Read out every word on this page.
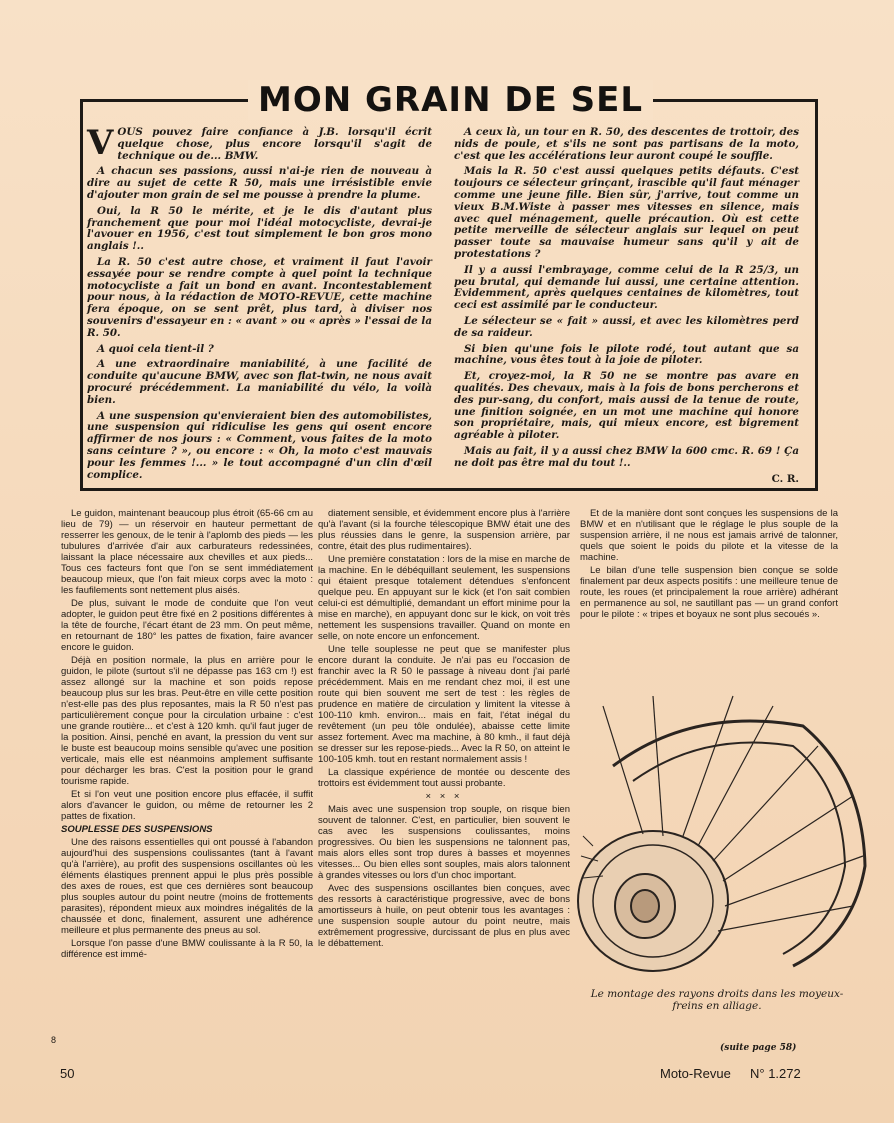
MON GRAIN DE SEL

VOUS pouvez faire confiance à J.B. lorsqu'il écrit quelque chose, plus encore lorsqu'il s'agit de technique ou de... BMW.

A chacun ses passions, aussi n'ai-je rien de nouveau à dire au sujet de cette R 50, mais une irrésistible envie d'ajouter mon grain de sel me pousse à prendre la plume.

Oui, la R 50 le mérite, et je le dis d'autant plus franchement que pour moi l'idéal motocycliste, devrai-je l'avouer en 1956, c'est tout simplement le bon gros mono anglais !..

La R. 50 c'est autre chose, et vraiment il faut l'avoir essayée pour se rendre compte à quel point la technique motocycliste a fait un bond en avant. Incontestablement pour nous, à la rédaction de MOTO-REVUE, cette machine fera époque, on se sent prêt, plus tard, à diviser nos souvenirs d'essayeur en : « avant » ou « après » l'essai de la R. 50.

A quoi cela tient-il ?

A une extraordinaire maniabilité, à une facilité de conduite qu'aucune BMW, avec son flat-twin, ne nous avait procuré précédemment. La maniabilité du vélo, la voilà bien.

A une suspension qu'envieraient bien des automobilistes, une suspension qui ridiculise les gens qui osent encore affirmer de nos jours : « Comment, vous faites de la moto sans ceinture ? », ou encore : « Oh, la moto c'est mauvais pour les femmes !... » le tout accompagné d'un clin d'œil complice.

A ceux là, un tour en R. 50, des descentes de trottoir, des nids de poule, et s'ils ne sont pas partisans de la moto, c'est que les accélérations leur auront coupé le souffle.

Mais la R. 50 c'est aussi quelques petits défauts. C'est toujours ce sélecteur grinçant, irascible qu'il faut ménager comme une jeune fille. Bien sûr, j'arrive, tout comme un vieux B.M.Wiste à passer mes vitesses en silence, mais avec quel ménagement, quelle précaution. Où est cette petite merveille de sélecteur anglais sur lequel on peut passer toute sa mauvaise humeur sans qu'il y ait de protestations ?

Il y a aussi l'embrayage, comme celui de la R 25/3, un peu brutal, qui demande lui aussi, une certaine attention. Evidemment, après quelques centaines de kilomètres, tout ceci est assimilé par le conducteur.

Le sélecteur se « fait » aussi, et avec les kilomètres perd de sa raideur.

Si bien qu'une fois le pilote rodé, tout autant que sa machine, vous êtes tout à la joie de piloter.

Et, croyez-moi, la R 50 ne se montre pas avare en qualités. Des chevaux, mais à la fois de bons percherons et des pur-sang, du confort, mais aussi de la tenue de route, une finition soignée, en un mot une machine qui honore son propriétaire, mais, qui mieux encore, est bigrement agréable à piloter.

Mais au fait, il y a aussi chez BMW la 600 cmc. R. 69 ! Ça ne doit pas être mal du tout !..

C. R.

Le guidon, maintenant beaucoup plus étroit (65-66 cm au lieu de 79) — un réservoir en hauteur permettant de resserrer les genoux, de le tenir à l'aplomb des pieds — les tubulures d'arrivée d'air aux carburateurs redessinées, laissant la place nécessaire aux chevilles et aux pieds... Tous ces facteurs font que l'on se sent immédiatement beaucoup mieux, que l'on fait mieux corps avec la moto : les faufilements sont nettement plus aisés.

De plus, suivant le mode de conduite que l'on veut adopter, le guidon peut être fixé en 2 positions différentes à la tête de fourche, l'écart étant de 23 mm. On peut même, en retournant de 180° les pattes de fixation, faire avancer encore le guidon.

Déjà en position normale, la plus en arrière pour le guidon, le pilote (surtout s'il ne dépasse pas 163 cm !) est assez allongé sur la machine et son poids repose beaucoup plus sur les bras. Peut-être en ville cette position n'est-elle pas des plus reposantes, mais la R 50 n'est pas particulièrement conçue pour la circulation urbaine : c'est une grande routière... et c'est à 120 kmh. qu'il faut juger de la position. Ainsi, penché en avant, la pression du vent sur le buste est beaucoup moins sensible qu'avec une position verticale, mais elle est néanmoins amplement suffisante pour décharger les bras. C'est la position pour le grand tourisme rapide.

Et si l'on veut une position encore plus effacée, il suffit alors d'avancer le guidon, ou même de retourner les 2 pattes de fixation.

SOUPLESSE DES SUSPENSIONS

Une des raisons essentielles qui ont poussé à l'abandon aujourd'hui des suspensions coulissantes (tant à l'avant qu'à l'arrière), au profit des suspensions oscillantes où les éléments élastiques prennent appui le plus près possible des axes de roues, est que ces dernières sont beaucoup plus souples autour du point neutre (moins de frottements parasites), répondent mieux aux moindres inégalités de la chaussée et donc, finalement, assurent une adhérence meilleure et plus permanente des pneus au sol.

Lorsque l'on passe d'une BMW coulissante à la R 50, la différence est immé-

diatement sensible, et évidemment encore plus à l'arrière qu'à l'avant (si la fourche télescopique BMW était une des plus réussies dans le genre, la suspension arrière, par contre, était des plus rudimentaires).

Une première constatation : lors de la mise en marche de la machine. En le débéquillant seulement, les suspensions qui étaient presque totalement détendues s'enfoncent quelque peu. En appuyant sur le kick (et l'on sait combien celui-ci est démultiplié, demandant un effort minime pour la mise en marche), en appuyant donc sur le kick, on voit très nettement les suspensions travailler. Quand on monte en selle, on note encore un enfoncement.

Une telle souplesse ne peut que se manifester plus encore durant la conduite. Je n'ai pas eu l'occasion de franchir avec la R 50 le passage à niveau dont j'ai parlé précédemment. Mais en me rendant chez moi, il est une route qui bien souvent me sert de test : les règles de prudence en matière de circulation y limitent la vitesse à 100-110 kmh. environ... mais en fait, l'état inégal du revêtement (un peu tôle ondulée), abaisse cette limite assez fortement. Avec ma machine, à 80 kmh., il faut déjà se dresser sur les repose-pieds... Avec la R 50, on atteint le 100-105 kmh. tout en restant normalement assis !

La classique expérience de montée ou descente des trottoirs est évidemment tout aussi probante.

× × ×

Mais avec une suspension trop souple, on risque bien souvent de talonner. C'est, en particulier, bien souvent le cas avec les suspensions coulissantes, moins progressives. Ou bien les suspensions ne talonnent pas, mais alors elles sont trop dures à basses et moyennes vitesses... Ou bien elles sont souples, mais alors talonnent à grandes vitesses ou lors d'un choc important.

Avec des suspensions oscillantes bien conçues, avec des ressorts à caractéristique progressive, avec de bons amortisseurs à huile, on peut obtenir tous les avantages : une suspension souple autour du point neutre, mais extrêmement progressive, durcissant de plus en plus avec le débattement.

Et de la manière dont sont conçues les suspensions de la BMW et en n'utilisant que le réglage le plus souple de la suspension arrière, il ne nous est jamais arrivé de talonner, quels que soient le poids du pilote et la vitesse de la machine.

Le bilan d'une telle suspension bien conçue se solde finalement par deux aspects positifs : une meilleure tenue de route, les roues (et principalement la roue arrière) adhérant en permanence au sol, ne sautillant pas — un grand confort pour le pilote : « tripes et boyaux ne sont plus secoués ».

Le montage des rayons droits dans les moyeux-freins en alliage.
(suite page 58)
8
50	Moto-Revue N° 1.272
